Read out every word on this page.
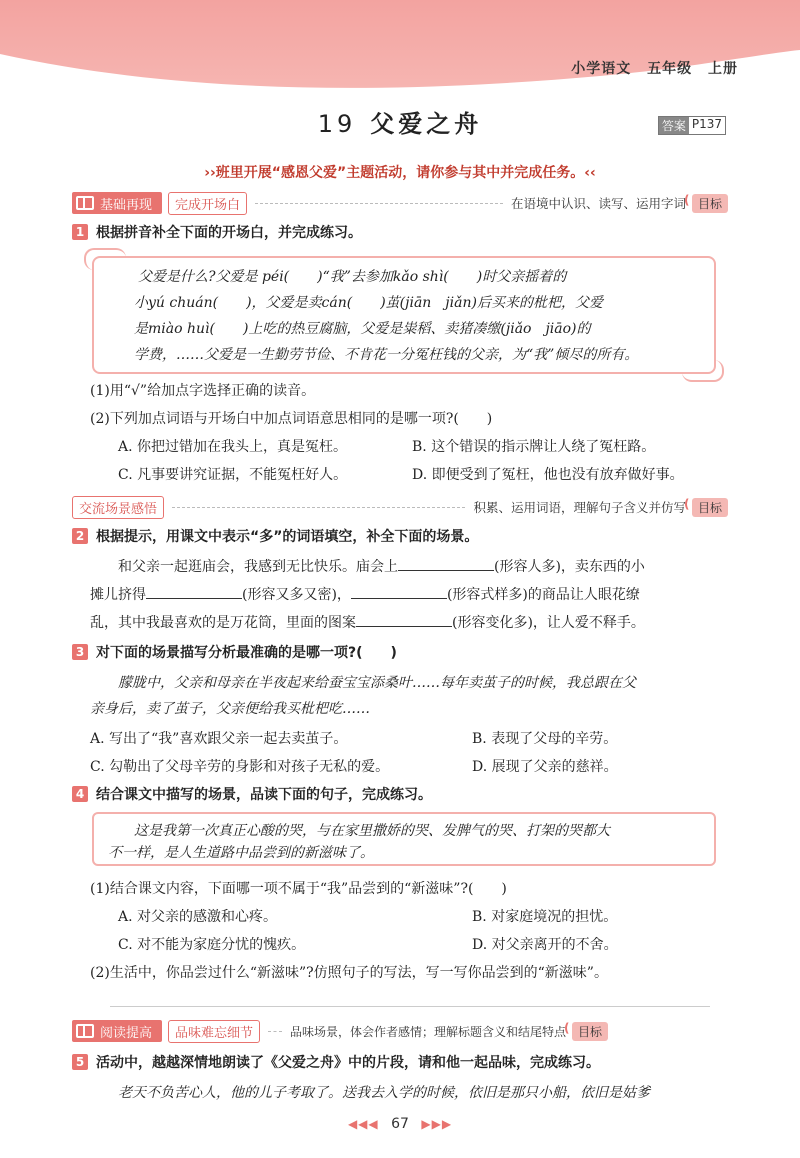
小学语文 五年级 上册
19 父爱之舟	答案 P137
››班里开展“感恩父爱”主题活动，请你参与其中并完成任务。‹‹
基础再现	完成开场白	在语境中认识、读写、运用字词	( 目标
1 根据拼音补全下面的开场白，并完成练习。
父爱是什么?父爱是 péi(　　)“我”去参加kǎo shì(　　)时父亲摇着的
小yú chuán(　　)，父爱是卖cán(　　)茧(jiān　jiǎn)后买来的枇杷，父爱
是miào huì(　　)上吃的热豆腐脑，父爱是粜稻、卖猪凑缴(jiǎo　jiāo)的
学费，……父爱是一生勤劳节俭、不肯花一分冤枉钱的父亲，为“我”倾尽的所有。
(1)用“√”给加点字选择正确的读音。
(2)下列加点词语与开场白中加点词语意思相同的是哪一项?(　　)
A. 你把过错加在我头上，真是冤枉。	B. 这个错误的指示牌让人绕了冤枉路。
C. 凡事要讲究证据，不能冤枉好人。	D. 即便受到了冤枉，他也没有放弃做好事。
交流场景感悟	积累、运用词语，理解句子含义并仿写	( 目标
2 根据提示，用课文中表示“多”的词语填空，补全下面的场景。
和父亲一起逛庙会，我感到无比快乐。庙会上	(形容人多)，卖东西的小
摊儿挤得	(形容又多又密)，	(形容式样多)的商品让人眼花缭
乱，其中我最喜欢的是万花筒，里面的图案	(形容变化多)，让人爱不释手。
3 对下面的场景描写分析最准确的是哪一项?(　　)
朦胧中，父亲和母亲在半夜起来给蚕宝宝添桑叶……每年卖茧子的时候，我总跟在父
亲身后，卖了茧子，父亲便给我买枇杷吃……
A. 写出了“我”喜欢跟父亲一起去卖茧子。	B. 表现了父母的辛劳。
C. 勾勒出了父母辛劳的身影和对孩子无私的爱。	D. 展现了父亲的慈祥。
4 结合课文中描写的场景，品读下面的句子，完成练习。
这是我第一次真正心酸的哭，与在家里撒娇的哭、发脾气的哭、打架的哭都大
不一样，是人生道路中品尝到的新滋味了。
(1)结合课文内容，下面哪一项不属于“我”品尝到的“新滋味”?(　　)
A. 对父亲的感激和心疼。	B. 对家庭境况的担忧。
C. 对不能为家庭分忧的愧疚。	D. 对父亲离开的不舍。
(2)生活中，你品尝过什么“新滋味”?仿照句子的写法，写一写你品尝到的“新滋味”。
阅读提高	品味难忘细节	品味场景，体会作者感情；理解标题含义和结尾特点	( 目标
5 活动中，越越深情地朗读了《父爱之舟》中的片段，请和他一起品味，完成练习。
老天不负苦心人，他的儿子考取了。送我去入学的时候，依旧是那只小船，依旧是姑爹
◀◀◀ 67 ▶▶▶
